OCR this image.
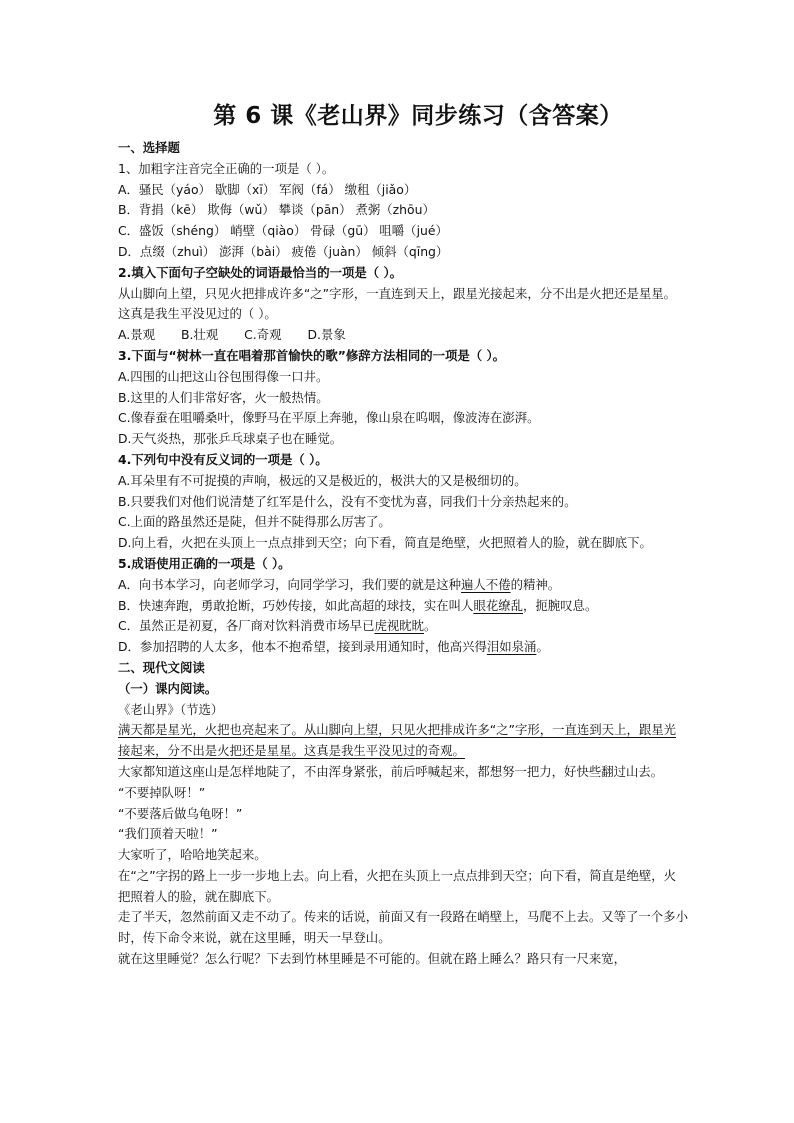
第 6 课《老山界》同步练习（含答案）

一、选择题

1、加粗字注音完全正确的一项是（ ）。

A．骚民（yáo） 歇脚（xī） 军阀（fá） 缴租（jiǎo）

B．背捐（kē） 欺侮（wǔ） 攀谈（pān） 煮粥（zhōu）

C．盛饭（shéng） 峭壁（qiào） 骨碌（gū） 咀嚼（jué）

D．点缀（zhuì） 澎湃（bài） 疲倦（juàn） 倾斜（qīng）

2.填入下面句子空缺处的词语最恰当的一项是（ ）。

从山脚向上望，只见火把排成许多“之”字形，一直连到天上，跟星光接起来，分不出是火把还是星星。这真是我生平没见过的（ ）。

A.景观 B.壮观 C.奇观 D.景象

3.下面与“树林一直在唱着那首愉快的歌”修辞方法相同的一项是（ ）。

A.四围的山把这山谷包围得像一口井。

B.这里的人们非常好客，火一般热情。

C.像春蚕在咀嚼桑叶，像野马在平原上奔驰，像山泉在呜咽，像波涛在澎湃。

D.天气炎热，那张乒乓球桌子也在睡觉。

4.下列句中没有反义词的一项是（ ）。

A.耳朵里有不可捉摸的声响，极远的又是极近的，极洪大的又是极细切的。

B.只要我们对他们说清楚了红军是什么，没有不变忧为喜，同我们十分亲热起来的。

C.上面的路虽然还是陡，但并不陡得那么厉害了。

D.向上看，火把在头顶上一点点排到天空；向下看，简直是绝壁，火把照着人的脸，就在脚底下。

5.成语使用正确的一项是（ ）。

A．向书本学习，向老师学习，向同学学习，我们要的就是这种遍人不倦的精神。

B．快速奔跑，勇敢抢断，巧妙传接，如此高超的球技，实在叫人眼花缭乱，扼腕叹息。

C．虽然正是初夏，各厂商对饮料消费市场早已虎视眈眈。

D．参加招聘的人太多，他本不抱希望，接到录用通知时，他高兴得泪如泉涌。

二、现代文阅读

（一）课内阅读。

《老山界》（节选）

满天都是星光，火把也亮起来了。从山脚向上望，只见火把排成许多“之”字形，一直连到天上，跟星光接起来，分不出是火把还是星星。这真是我生平没见过的奇观。

大家都知道这座山是怎样地陡了，不由浑身紧张，前后呼喊起来，都想努一把力，好快些翻过山去。

“不要掉队呀！”

“不要落后做乌龟呀！”

“我们顶着天啦！”

大家听了，哈哈地笑起来。

在“之”字拐的路上一步一步地上去。向上看，火把在头顶上一点点排到天空；向下看，简直是绝壁，火把照着人的脸，就在脚底下。

走了半天，忽然前面又走不动了。传来的话说，前面又有一段路在峭壁上，马爬不上去。又等了一个多小时，传下命令来说，就在这里睡，明天一早登山。

就在这里睡觉？怎么行呢？下去到竹林里睡是不可能的。但就在路上睡么？路只有一尺来宽，
